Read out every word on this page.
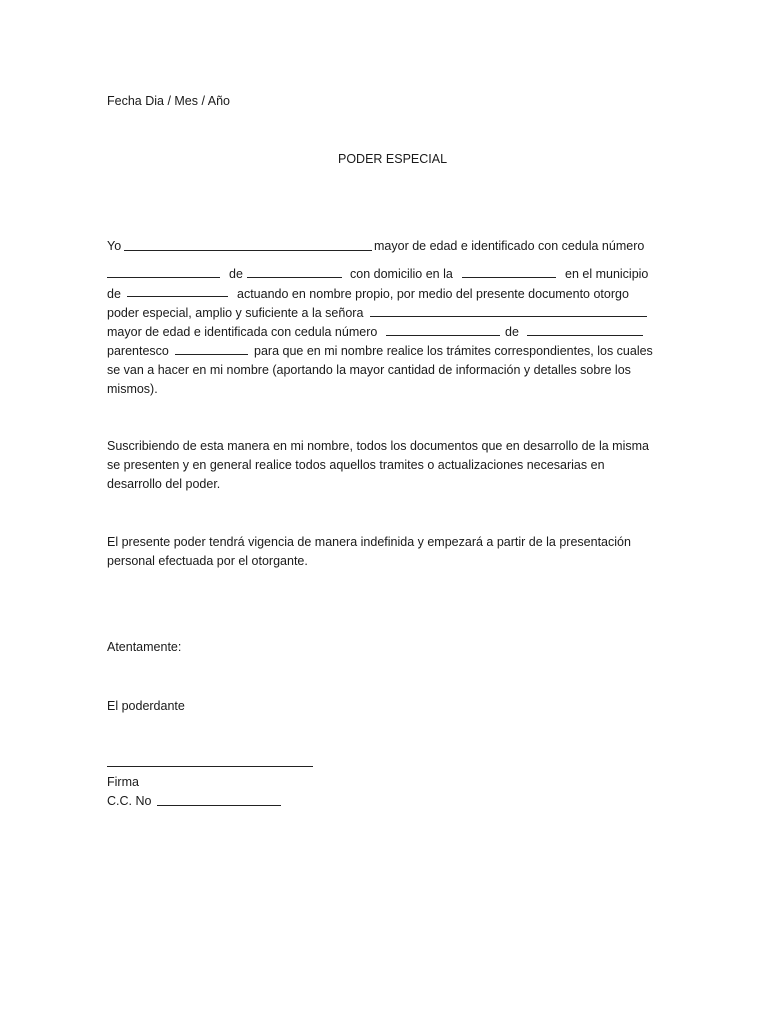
Fecha Dia / Mes / Año
PODER ESPECIAL
Yo	mayor de edad e identificado con cedula número
de	con domicilio en la	en el municipio
de	actuando en nombre propio, por medio del presente documento otorgo
poder especial, amplio y suficiente a la señora
mayor de edad e identificada con cedula número	de
parentesco	para que en mi nombre realice los trámites correspondientes, los cuales
se van a hacer en mi nombre (aportando la mayor cantidad de información y detalles sobre los
mismos).
Suscribiendo de esta manera en mi nombre, todos los documentos que en desarrollo de la misma
se presenten y en general realice todos aquellos tramites o actualizaciones necesarias en
desarrollo del poder.
El presente poder tendrá vigencia de manera indefinida y empezará a partir de la presentación
personal efectuada por el otorgante.
Atentamente:
El poderdante
Firma
C.C. No
